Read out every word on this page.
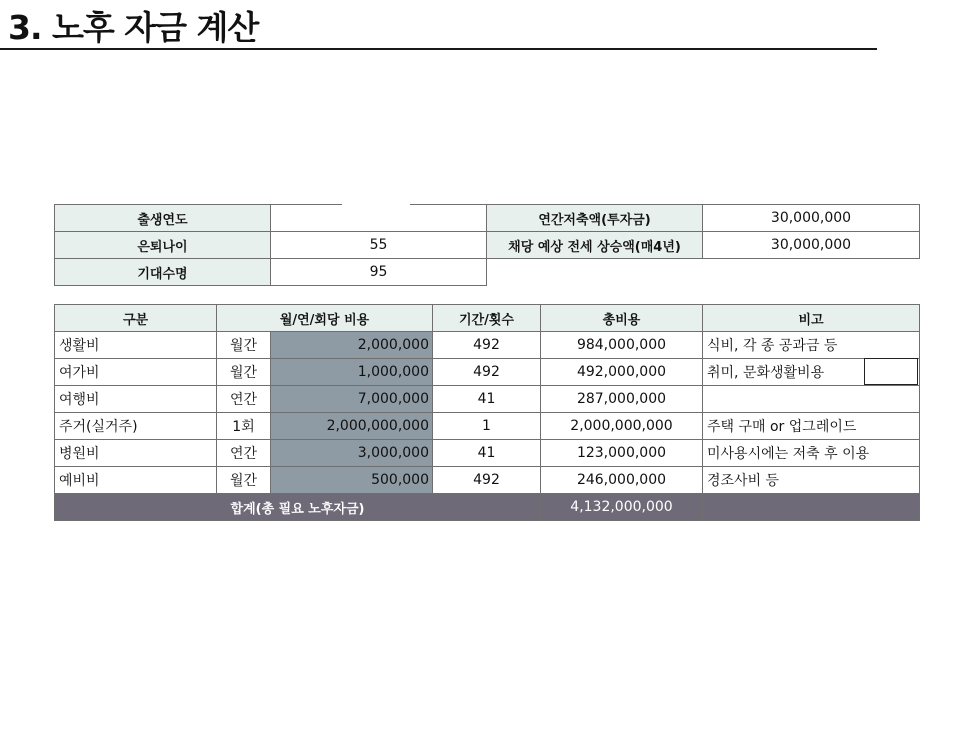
3. 노후 자금 계산
출생연도		연간저축액(투자금)	30,000,000
은퇴나이	55	채당 예상 전세 상승액(매4년)	30,000,000
기대수명	95		
구분	월/연/회당 비용		기간/횟수	총비용	비고
생활비	월간	2,000,000	492	984,000,000	식비, 각 종 공과금 등
여가비	월간	1,000,000	492	492,000,000	취미, 문화생활비용
여행비	연간	7,000,000	41	287,000,000	
주거(실거주)	1회	2,000,000,000	1	2,000,000,000	주택 구매 or 업그레이드
병원비	연간	3,000,000	41	123,000,000	미사용시에는 저축 후 이용
예비비	월간	500,000	492	246,000,000	경조사비 등
합계(총 필요 노후자금)				4,132,000,000	
